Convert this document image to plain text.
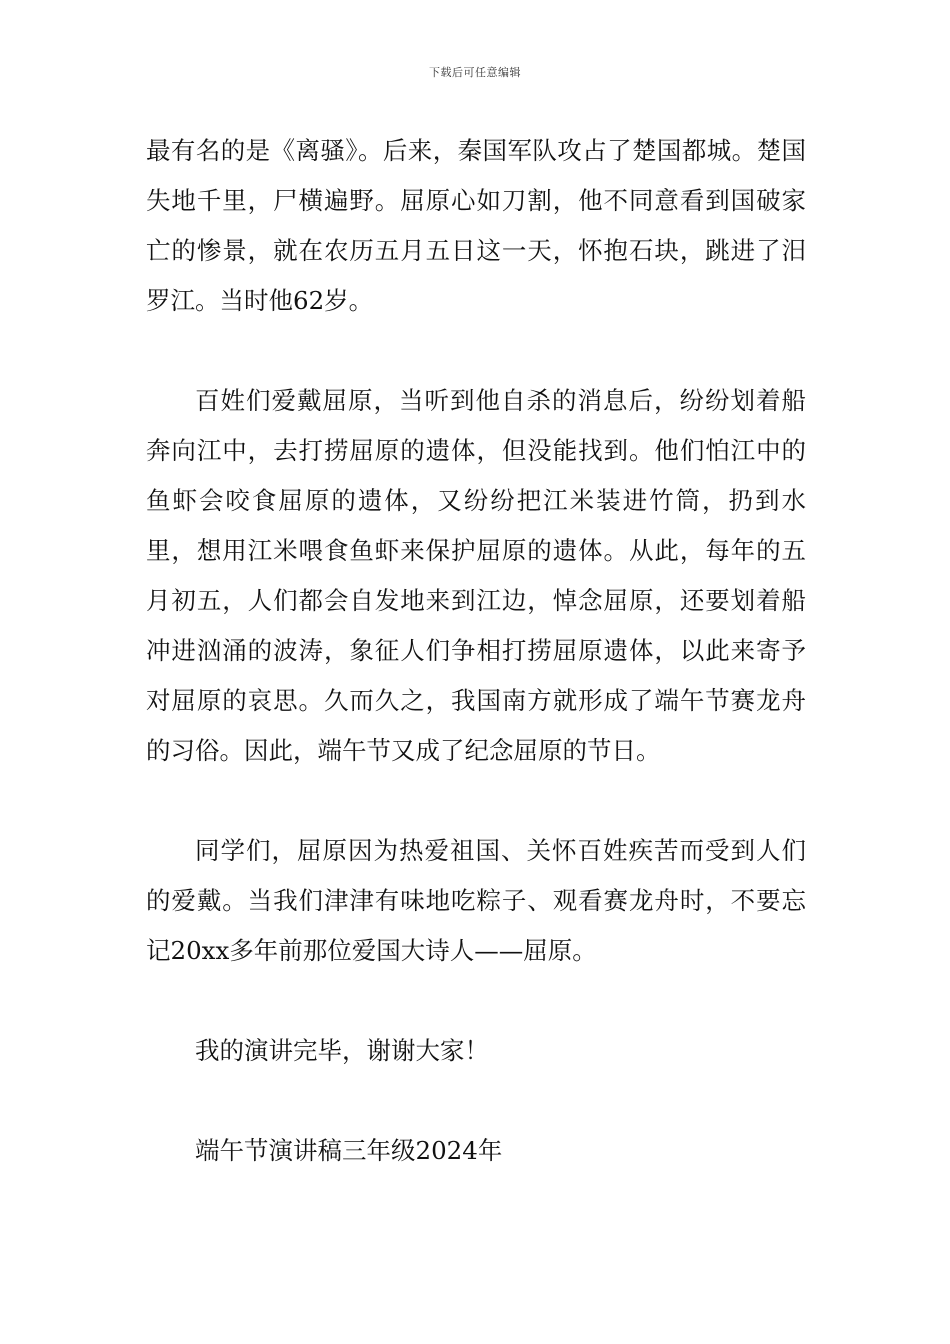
下载后可任意编辑

最有名的是《离骚》。后来，秦国军队攻占了楚国都城。楚国失地千里，尸横遍野。屈原心如刀割，他不同意看到国破家亡的惨景，就在农历五月五日这一天，怀抱石块，跳进了汨罗江。当时他62岁。

百姓们爱戴屈原，当听到他自杀的消息后，纷纷划着船奔向江中，去打捞屈原的遗体，但没能找到。他们怕江中的鱼虾会咬食屈原的遗体，又纷纷把江米装进竹筒，扔到水里，想用江米喂食鱼虾来保护屈原的遗体。从此，每年的五月初五，人们都会自发地来到江边，悼念屈原，还要划着船冲进汹涌的波涛，象征人们争相打捞屈原遗体，以此来寄予对屈原的哀思。久而久之，我国南方就形成了端午节赛龙舟的习俗。因此，端午节又成了纪念屈原的节日。

同学们，屈原因为热爱祖国、关怀百姓疾苦而受到人们的爱戴。当我们津津有味地吃粽子、观看赛龙舟时，不要忘记20xx多年前那位爱国大诗人——屈原。

我的演讲完毕，谢谢大家！

端午节演讲稿三年级2024年
